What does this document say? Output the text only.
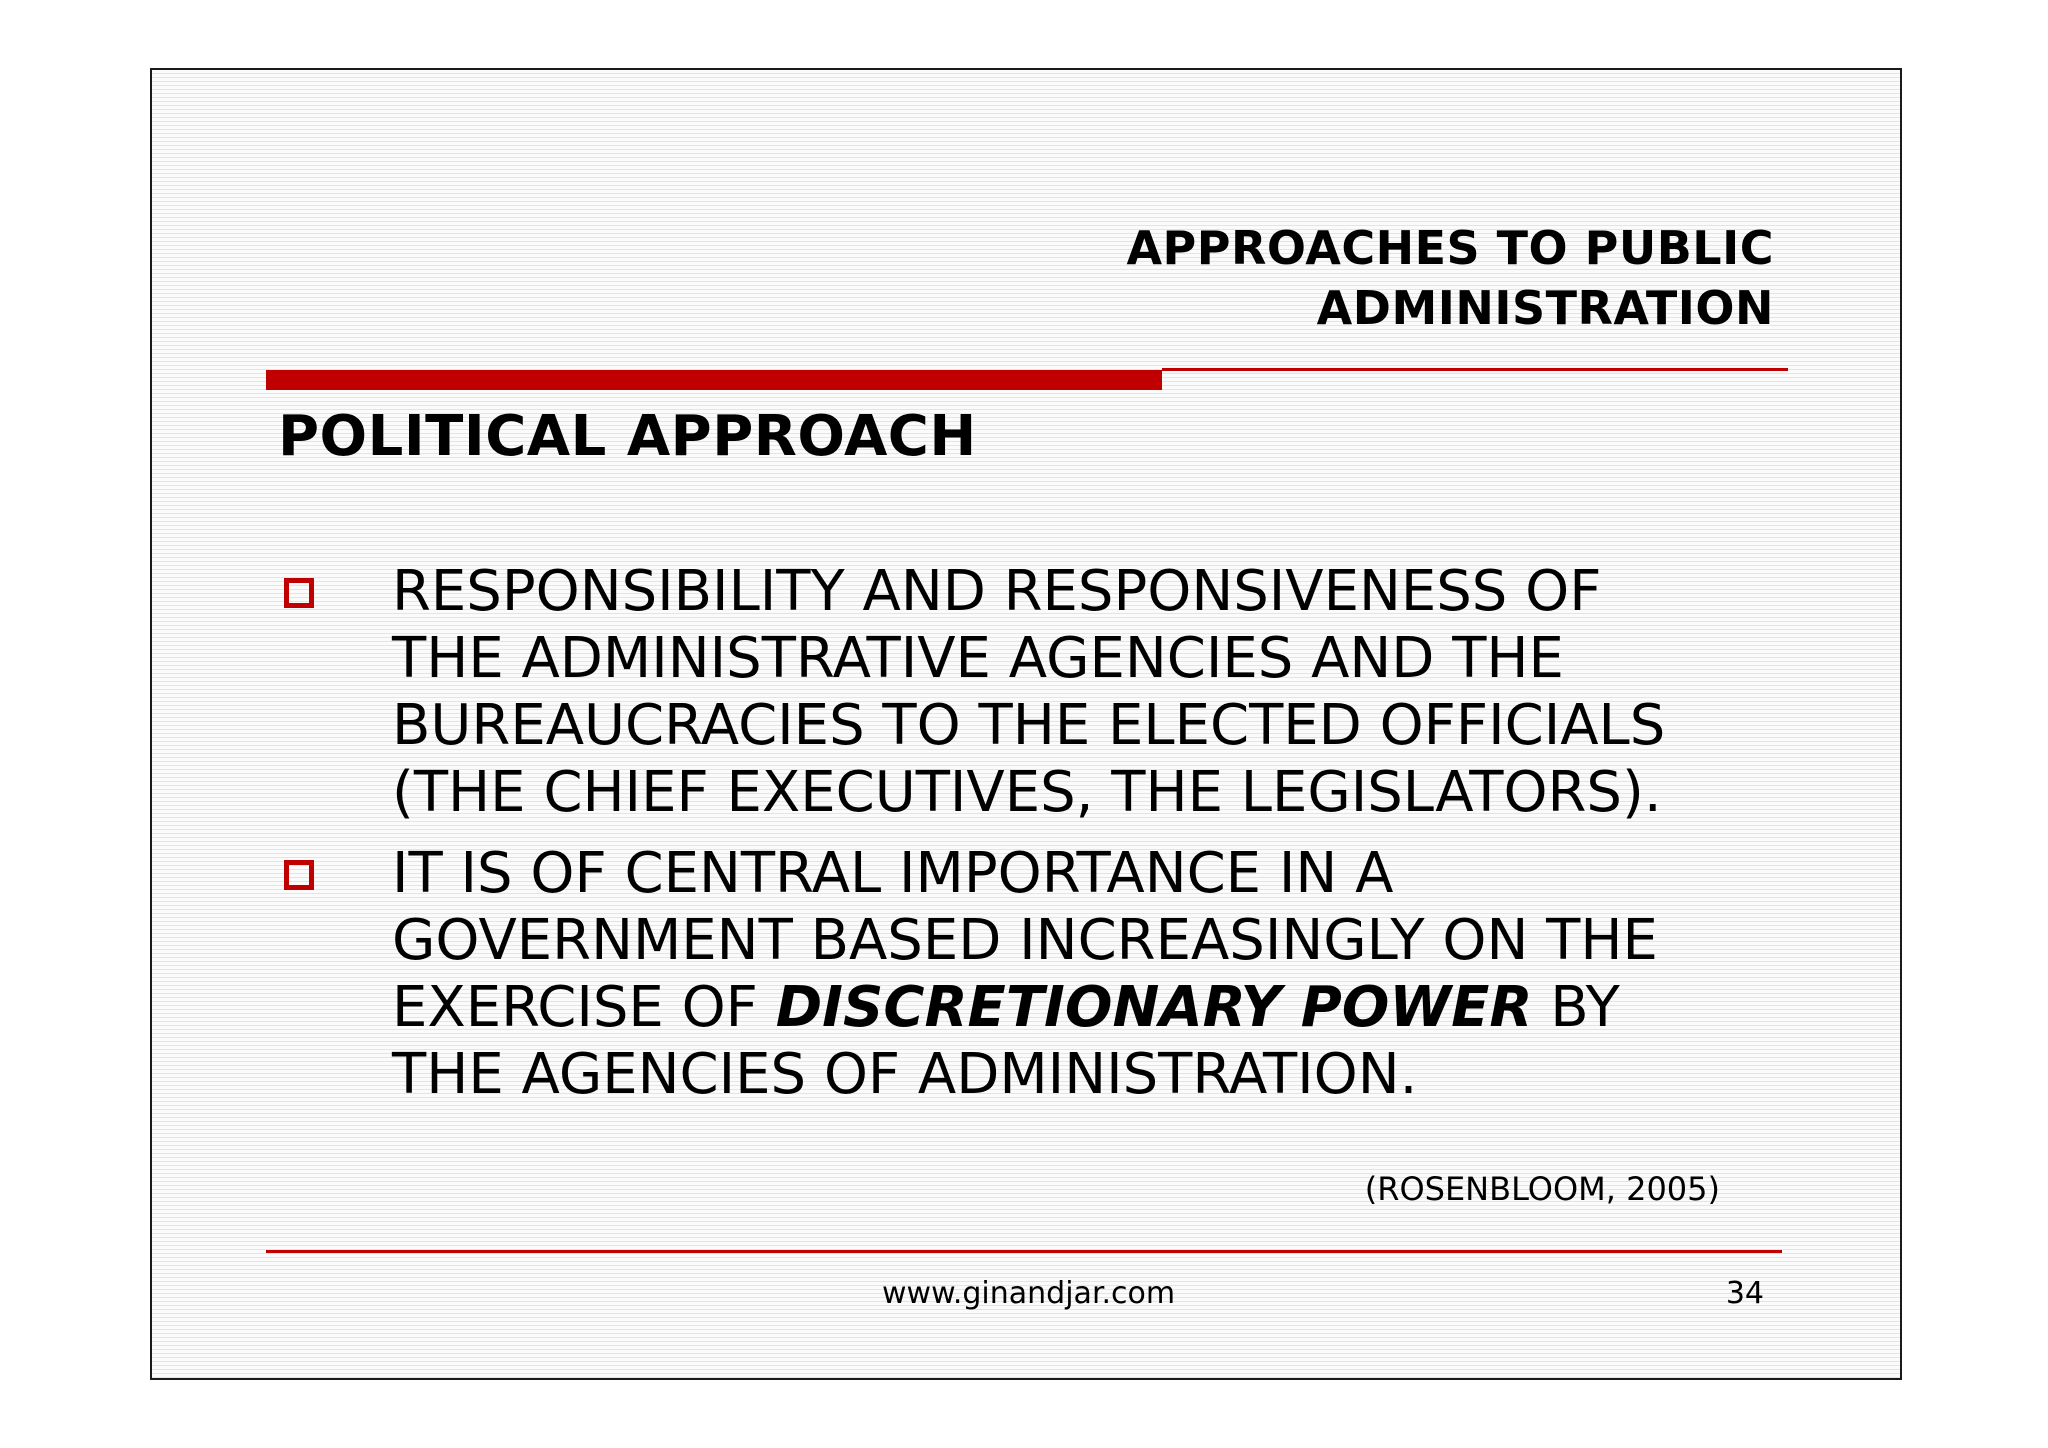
APPROACHES TO PUBLIC
ADMINISTRATION
POLITICAL APPROACH
RESPONSIBILITY AND RESPONSIVENESS OF
THE ADMINISTRATIVE AGENCIES AND THE
BUREAUCRACIES TO THE ELECTED OFFICIALS
(THE CHIEF EXECUTIVES, THE LEGISLATORS).
IT IS OF CENTRAL IMPORTANCE IN A
GOVERNMENT BASED INCREASINGLY ON THE
EXERCISE OF DISCRETIONARY POWER BY
THE AGENCIES OF ADMINISTRATION.
(ROSENBLOOM, 2005)
www.ginandjar.com	34
